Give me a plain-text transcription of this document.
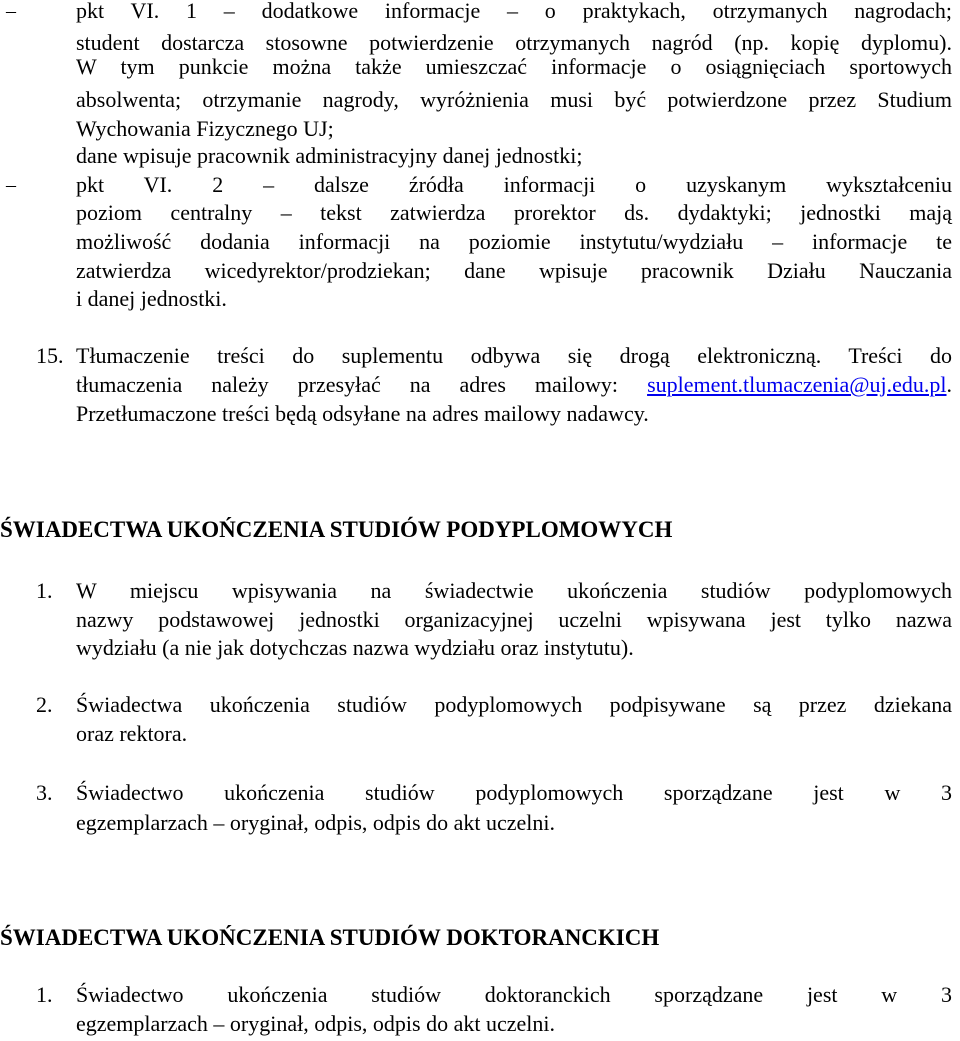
–	pkt VI. 1 – dodatkowe informacje – o praktykach, otrzymanych nagrodach;
student dostarcza stosowne potwierdzenie otrzymanych nagród (np. kopię dyplomu).
W tym punkcie można także umieszczać informacje o osiągnięciach sportowych
absolwenta; otrzymanie nagrody, wyróżnienia musi być potwierdzone przez Studium
Wychowania Fizycznego UJ;
dane wpisuje pracownik administracyjny danej jednostki;
–	pkt VI. 2 – dalsze źródła informacji o uzyskanym wykształceniu
poziom centralny – tekst zatwierdza prorektor ds. dydaktyki; jednostki mają
możliwość dodania informacji na poziomie instytutu/wydziału – informacje te
zatwierdza wicedyrektor/prodziekan; dane wpisuje pracownik Działu Nauczania
i danej jednostki.
15. Tłumaczenie treści do suplementu odbywa się drogą elektroniczną. Treści do
tłumaczenia należy przesyłać na adres mailowy: suplement.tlumaczenia@uj.edu.pl.
Przetłumaczone treści będą odsyłane na adres mailowy nadawcy.
ŚWIADECTWA UKOŃCZENIA STUDIÓW PODYPLOMOWYCH
1. W miejscu wpisywania na świadectwie ukończenia studiów podyplomowych
nazwy podstawowej jednostki organizacyjnej uczelni wpisywana jest tylko nazwa
wydziału (a nie jak dotychczas nazwa wydziału oraz instytutu).
2. Świadectwa ukończenia studiów podyplomowych podpisywane są przez dziekana
oraz rektora.
3. Świadectwo ukończenia studiów podyplomowych sporządzane jest w 3
egzemplarzach – oryginał, odpis, odpis do akt uczelni.
ŚWIADECTWA UKOŃCZENIA STUDIÓW DOKTORANCKICH
1. Świadectwo ukończenia studiów doktoranckich sporządzane jest w 3
egzemplarzach – oryginał, odpis, odpis do akt uczelni.
